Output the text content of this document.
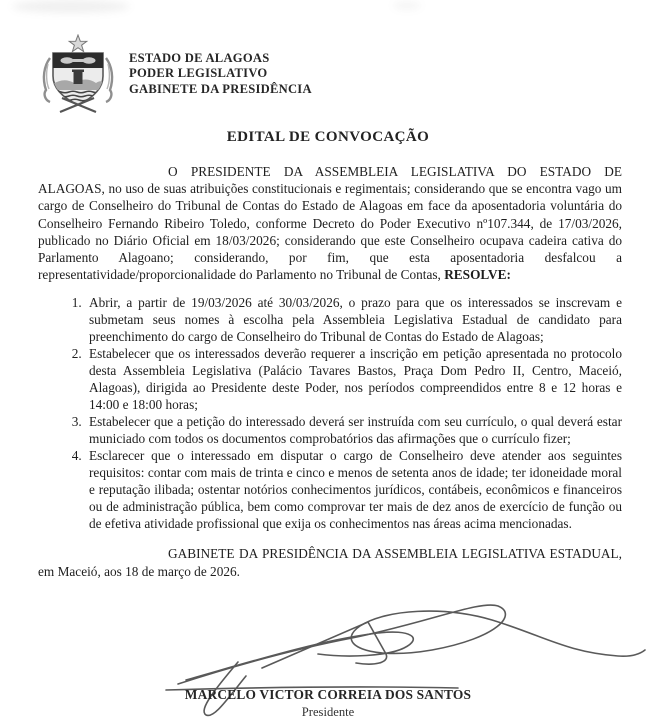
ESTADO DE ALAGOAS
PODER LEGISLATIVO
GABINETE DA PRESIDÊNCIA
EDITAL DE CONVOCAÇÃO

O PRESIDENTE DA ASSEMBLEIA LEGISLATIVA DO ESTADO DE ALAGOAS, no uso de suas atribuições constitucionais e regimentais; considerando que se encontra vago um cargo de Conselheiro do Tribunal de Contas do Estado de Alagoas em face da aposentadoria voluntária do Conselheiro Fernando Ribeiro Toledo, conforme Decreto do Poder Executivo nº107.344, de 17/03/2026, publicado no Diário Oficial em 18/03/2026; considerando que este Conselheiro ocupava cadeira cativa do Parlamento Alagoano; considerando, por fim, que esta aposentadoria desfalcou a representatividade/proporcionalidade do Parlamento no Tribunal de Contas, RESOLVE:

1. Abrir, a partir de 19/03/2026 até 30/03/2026, o prazo para que os interessados se inscrevam e submetam seus nomes à escolha pela Assembleia Legislativa Estadual de candidato para preenchimento do cargo de Conselheiro do Tribunal de Contas do Estado de Alagoas;
2. Estabelecer que os interessados deverão requerer a inscrição em petição apresentada no protocolo desta Assembleia Legislativa (Palácio Tavares Bastos, Praça Dom Pedro II, Centro, Maceió, Alagoas), dirigida ao Presidente deste Poder, nos períodos compreendidos entre 8 e 12 horas e 14:00 e 18:00 horas;
3. Estabelecer que a petição do interessado deverá ser instruída com seu currículo, o qual deverá estar municiado com todos os documentos comprobatórios das afirmações que o currículo fizer;
4. Esclarecer que o interessado em disputar o cargo de Conselheiro deve atender aos seguintes requisitos: contar com mais de trinta e cinco e menos de setenta anos de idade; ter idoneidade moral e reputação ilibada; ostentar notórios conhecimentos jurídicos, contábeis, econômicos e financeiros ou de administração pública, bem como comprovar ter mais de dez anos de exercício de função ou de efetiva atividade profissional que exija os conhecimentos nas áreas acima mencionadas.

GABINETE DA PRESIDÊNCIA DA ASSEMBLEIA LEGISLATIVA ESTADUAL, em Maceió, aos 18 de março de 2026.

MARCELO VICTOR CORREIA DOS SANTOS
Presidente
